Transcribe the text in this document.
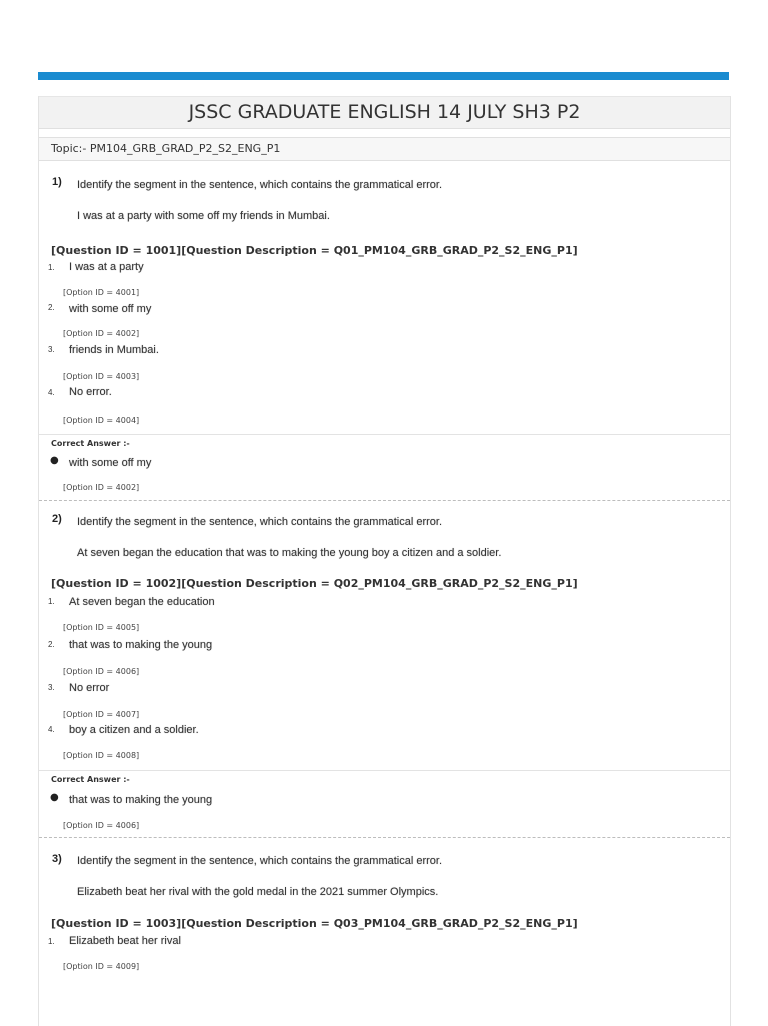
JSSC GRADUATE ENGLISH 14 JULY SH3 P2
Topic:- PM104_GRB_GRAD_P2_S2_ENG_P1
1) Identify the segment in the sentence, which contains the grammatical error.
I was at a party with some off my friends in Mumbai.
[Question ID = 1001][Question Description = Q01_PM104_GRB_GRAD_P2_S2_ENG_P1]
1. I was at a party
[Option ID = 4001]
2. with some off my
[Option ID = 4002]
3. friends in Mumbai.
[Option ID = 4003]
4. No error.
[Option ID = 4004]
Correct Answer :-
● with some off my
[Option ID = 4002]
2) Identify the segment in the sentence, which contains the grammatical error.
At seven began the education that was to making the young boy a citizen and a soldier.
[Question ID = 1002][Question Description = Q02_PM104_GRB_GRAD_P2_S2_ENG_P1]
1. At seven began the education
[Option ID = 4005]
2. that was to making the young
[Option ID = 4006]
3. No error
[Option ID = 4007]
4. boy a citizen and a soldier.
[Option ID = 4008]
Correct Answer :-
● that was to making the young
[Option ID = 4006]
3) Identify the segment in the sentence, which contains the grammatical error.
Elizabeth beat her rival with the gold medal in the 2021 summer Olympics.
[Question ID = 1003][Question Description = Q03_PM104_GRB_GRAD_P2_S2_ENG_P1]
1. Elizabeth beat her rival
[Option ID = 4009]
